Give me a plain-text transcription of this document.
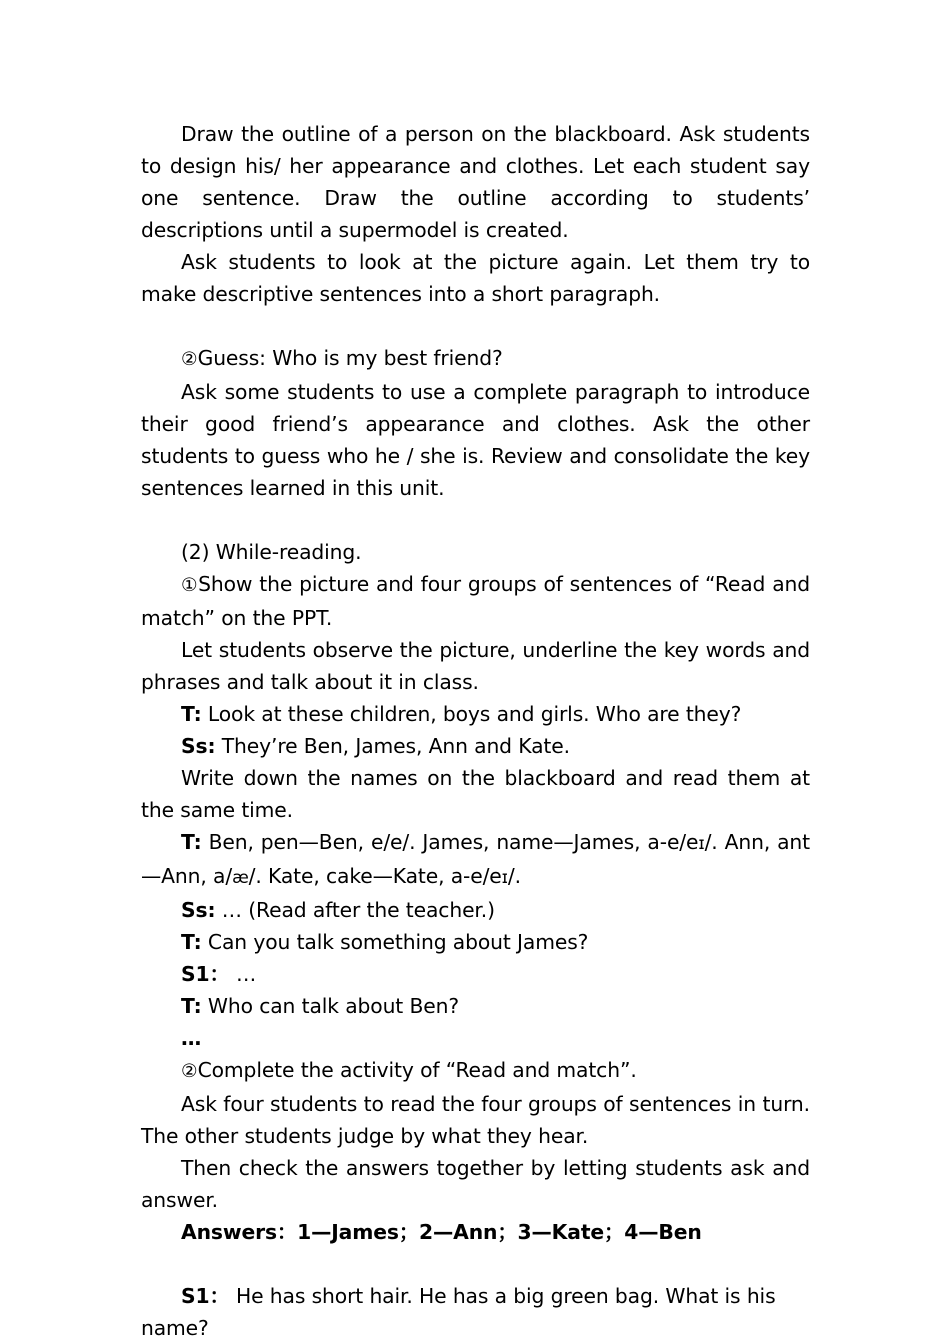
Draw the outline of a person on the blackboard. Ask students to design his/ her appearance and clothes. Let each student say one sentence. Draw the outline according to students’ descriptions until a supermodel is created.

Ask students to look at the picture again. Let them try to make descriptive sentences into a short paragraph.

②Guess: Who is my best friend?

Ask some students to use a complete paragraph to introduce their good friend’s appearance and clothes. Ask the other students to guess who he / she is. Review and consolidate the key sentences learned in this unit.

(2) While-reading.

①Show the picture and four groups of sentences of “Read and match” on the PPT.

Let students observe the picture, underline the key words and phrases and talk about it in class.

T: Look at these children, boys and girls. Who are they?

Ss: They’re Ben, James, Ann and Kate.

Write down the names on the blackboard and read them at the same time.

T: Ben, pen—Ben, e/e/. James, name—James, a-e/eɪ/. Ann, ant—Ann, a/æ/. Kate, cake—Kate, a-e/eɪ/.

Ss: … (Read after the teacher.)

T: Can you talk something about James?

S1： …

T: Who can talk about Ben?

…

②Complete the activity of “Read and match”.

Ask four students to read the four groups of sentences in turn. The other students judge by what they hear.

Then check the answers together by letting students ask and answer.

Answers：1—James；2—Ann；3—Kate；4—Ben

S1： He has short hair. He has a big green bag. What is his name?
